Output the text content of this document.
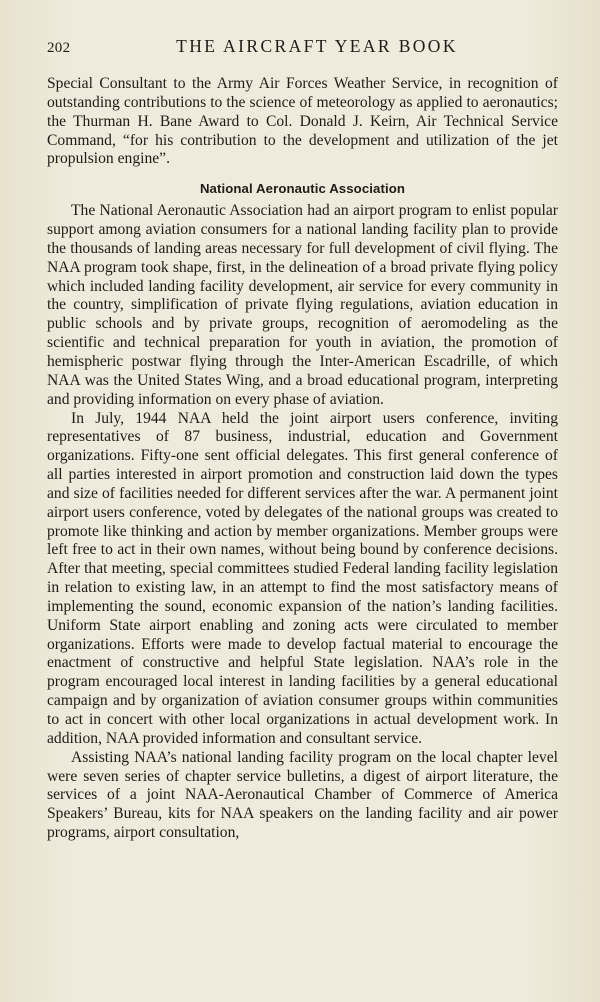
202	THE AIRCRAFT YEAR BOOK

Special Consultant to the Army Air Forces Weather Service, in recognition of outstanding contributions to the science of meteorology as applied to aeronautics; the Thurman H. Bane Award to Col. Donald J. Keirn, Air Technical Service Command, “for his contribution to the development and utilization of the jet propulsion engine”.

National Aeronautic Association

The National Aeronautic Association had an airport program to enlist popular support among aviation consumers for a national landing facility plan to provide the thousands of landing areas necessary for full development of civil flying. The NAA program took shape, first, in the delineation of a broad private flying policy which included landing facility development, air service for every community in the country, simplification of private flying regulations, aviation education in public schools and by private groups, recognition of aeromodeling as the scientific and technical preparation for youth in aviation, the promotion of hemispheric postwar flying through the Inter-American Escadrille, of which NAA was the United States Wing, and a broad educational program, interpreting and providing information on every phase of aviation.

In July, 1944 NAA held the joint airport users conference, inviting representatives of 87 business, industrial, education and Government organizations. Fifty-one sent official delegates. This first general conference of all parties interested in airport promotion and construction laid down the types and size of facilities needed for different services after the war. A permanent joint airport users conference, voted by delegates of the national groups was created to promote like thinking and action by member organizations. Member groups were left free to act in their own names, without being bound by conference decisions. After that meeting, special committees studied Federal landing facility legislation in relation to existing law, in an attempt to find the most satisfactory means of implementing the sound, economic expansion of the nation’s landing facilities. Uniform State airport enabling and zoning acts were circulated to member organizations. Efforts were made to develop factual material to encourage the enactment of constructive and helpful State legislation. NAA’s role in the program encouraged local interest in landing facilities by a general educational campaign and by organization of aviation consumer groups within communities to act in concert with other local organizations in actual development work. In addition, NAA provided information and consultant service.

Assisting NAA’s national landing facility program on the local chapter level were seven series of chapter service bulletins, a digest of airport literature, the services of a joint NAA-Aeronautical Chamber of Commerce of America Speakers’ Bureau, kits for NAA speakers on the landing facility and air power programs, airport consultation,
